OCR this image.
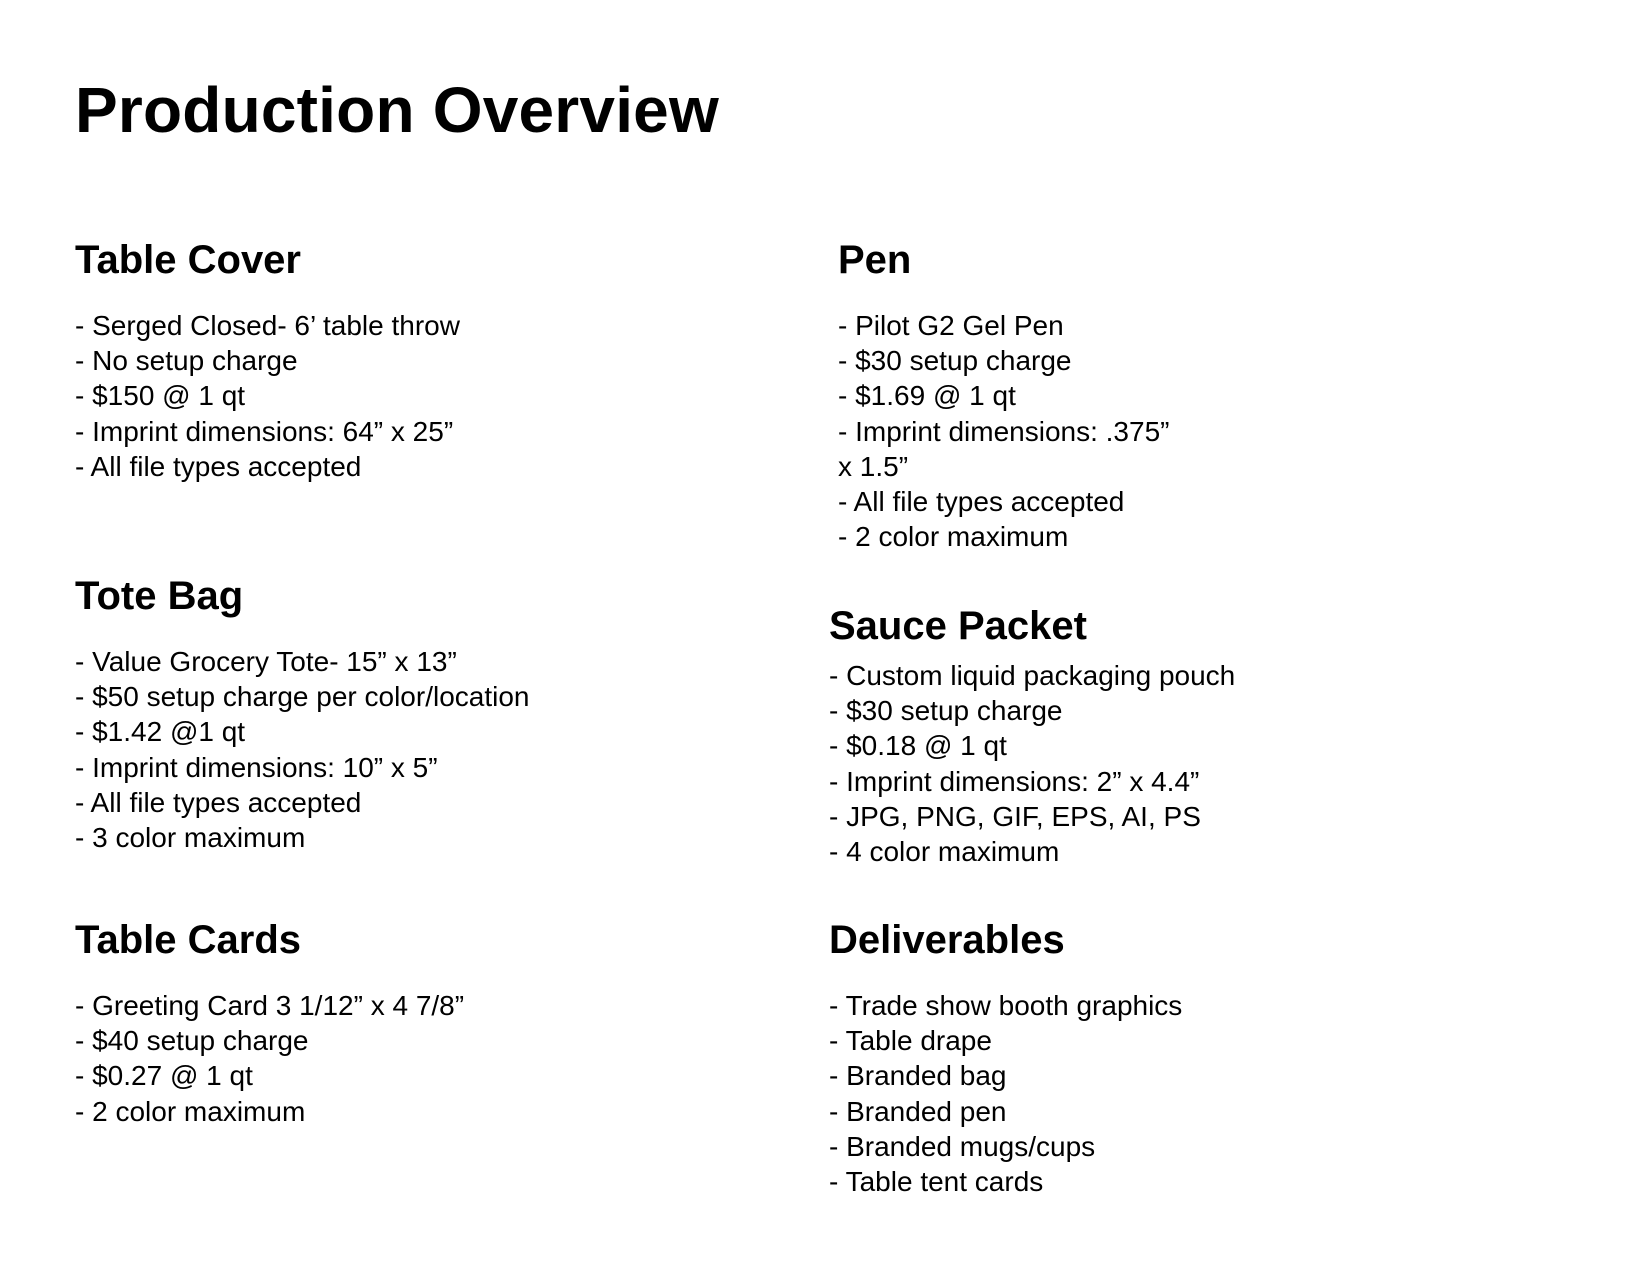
Production Overview
Table Cover
- Serged Closed- 6’ table throw
- No setup charge
- $150 @ 1 qt
- Imprint dimensions: 64” x 25”
- All file types accepted
Pen
- Pilot G2 Gel Pen
- $30 setup charge
- $1.69 @ 1 qt
- Imprint dimensions: .375”
x 1.5”
- All file types accepted
- 2 color maximum
Tote Bag
- Value Grocery Tote- 15” x 13”
- $50 setup charge per color/location
- $1.42 @1 qt
- Imprint dimensions: 10” x 5”
- All file types accepted
- 3 color maximum
Sauce Packet
- Custom liquid packaging pouch
- $30 setup charge
- $0.18 @ 1 qt
- Imprint dimensions: 2” x 4.4”
- JPG, PNG, GIF, EPS, AI, PS
- 4 color maximum
Table Cards
- Greeting Card 3 1/12” x 4 7/8”
- $40 setup charge
- $0.27 @ 1 qt
- 2 color maximum
Deliverables
- Trade show booth graphics
- Table drape
- Branded bag
- Branded pen
- Branded mugs/cups
- Table tent cards
